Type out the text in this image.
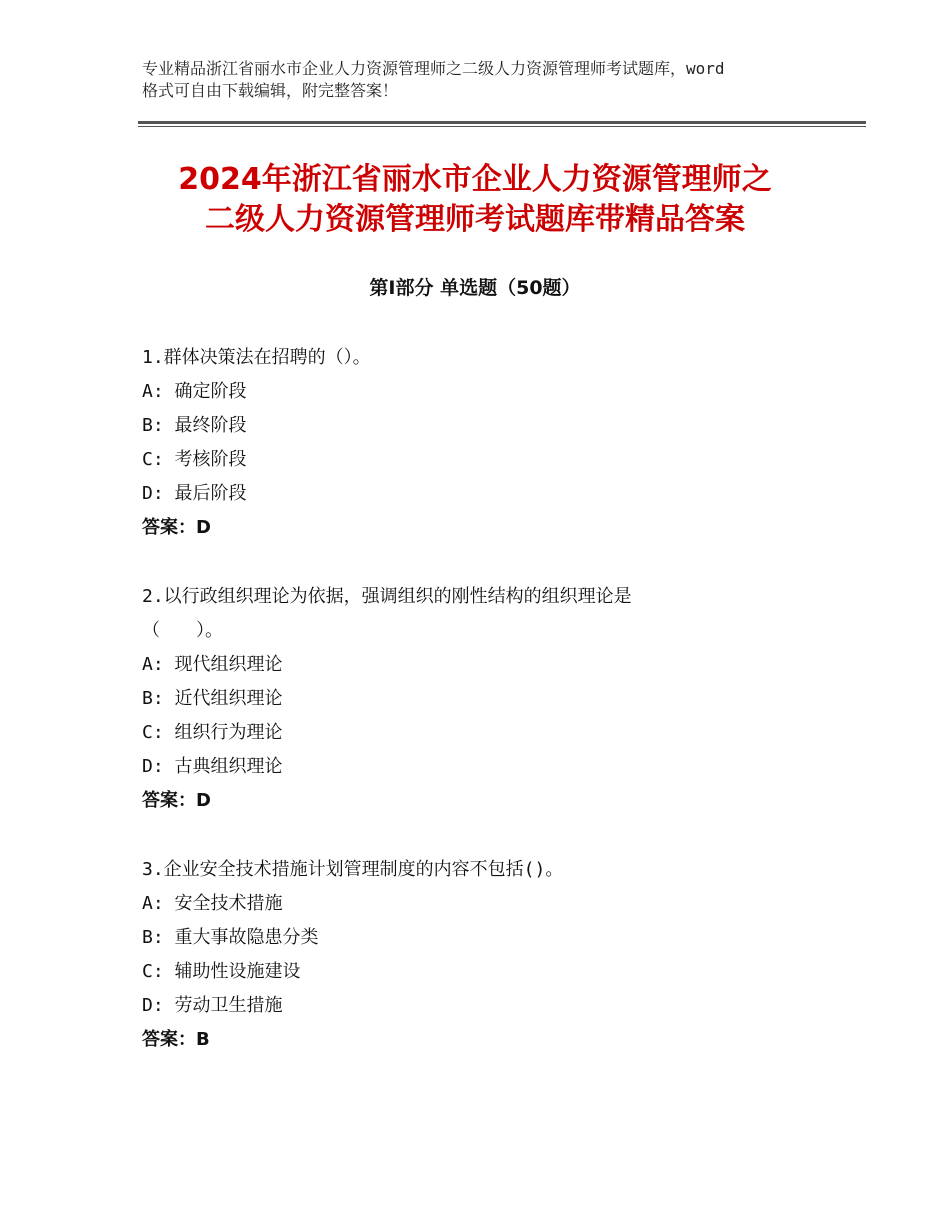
专业精品浙江省丽水市企业人力资源管理师之二级人力资源管理师考试题库，word
格式可自由下载编辑，附完整答案！
2024年浙江省丽水市企业人力资源管理师之
二级人力资源管理师考试题库带精品答案
第Ⅰ部分 单选题（50题）
1.群体决策法在招聘的（）。
A: 确定阶段
B: 最终阶段
C: 考核阶段
D: 最后阶段
答案：D
2.以行政组织理论为依据，强调组织的刚性结构的组织理论是
（　　）。
A: 现代组织理论
B: 近代组织理论
C: 组织行为理论
D: 古典组织理论
答案：D
3.企业安全技术措施计划管理制度的内容不包括()。
A: 安全技术措施
B: 重大事故隐患分类
C: 辅助性设施建设
D: 劳动卫生措施
答案：B
